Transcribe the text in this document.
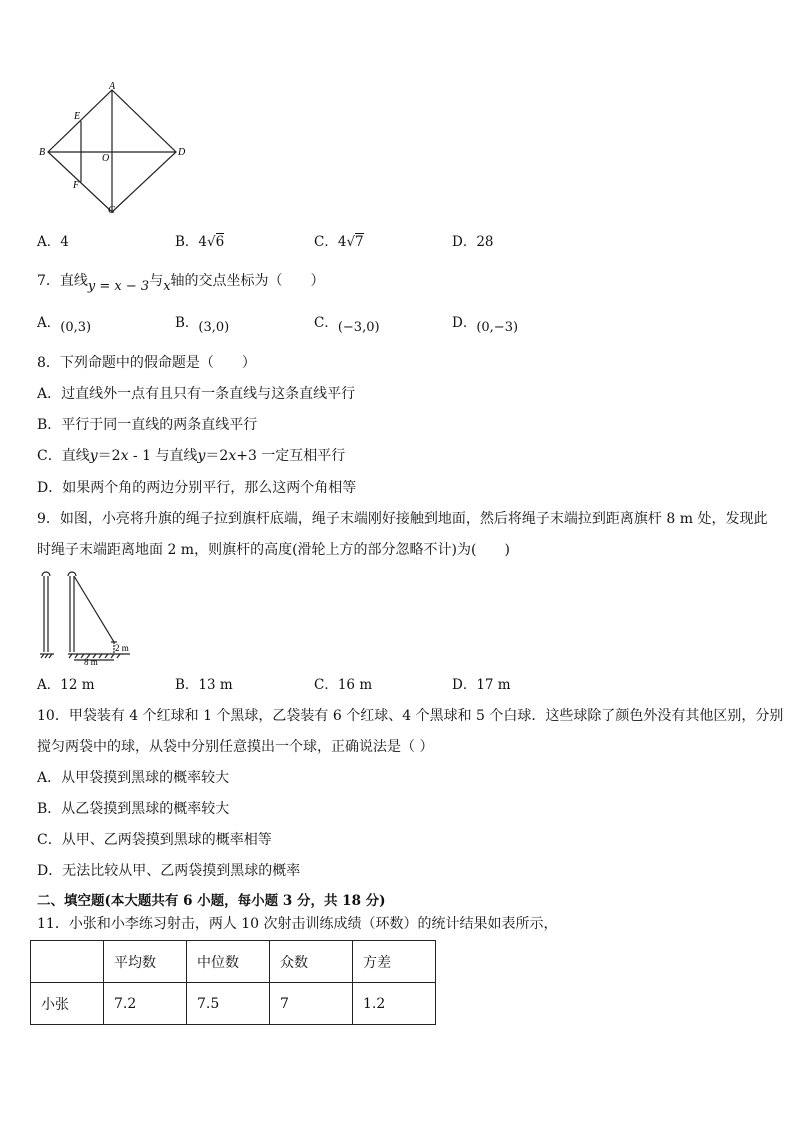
A
E
B
O
D
F
C
A．4	B．4√6	C．4√7	D．28
7．直线y = x − 3与x轴的交点坐标为（　　）
A．(0,3)	B．(3,0)	C．(−3,0)	D．(0,−3)
8．下列命题中的假命题是（　　）
A．过直线外一点有且只有一条直线与这条直线平行
B．平行于同一直线的两条直线平行
C．直线y＝2x - 1 与直线y＝2x+3 一定互相平行
D．如果两个角的两边分别平行，那么这两个角相等
9．如图，小亮将升旗的绳子拉到旗杆底端，绳子末端刚好接触到地面，然后将绳子末端拉到距离旗杆 8 m 处，发现此
时绳子末端距离地面 2 m，则旗杆的高度(滑轮上方的部分忽略不计)为(　　)
2 m
8 m
A．12 m	B．13 m	C．16 m	D．17 m
10．甲袋装有 4 个红球和 1 个黑球，乙袋装有 6 个红球、4 个黑球和 5 个白球．这些球除了颜色外没有其他区别，分别
搅匀两袋中的球，从袋中分别任意摸出一个球，正确说法是（ ）
A．从甲袋摸到黑球的概率较大
B．从乙袋摸到黑球的概率较大
C．从甲、乙两袋摸到黑球的概率相等
D．无法比较从甲、乙两袋摸到黑球的概率
二、填空题(本大题共有 6 小题，每小题 3 分，共 18 分)
11．小张和小李练习射击，两人 10 次射击训练成绩（环数）的统计结果如表所示，
	平均数	中位数	众数	方差
小张	7.2	7.5	7	1.2
